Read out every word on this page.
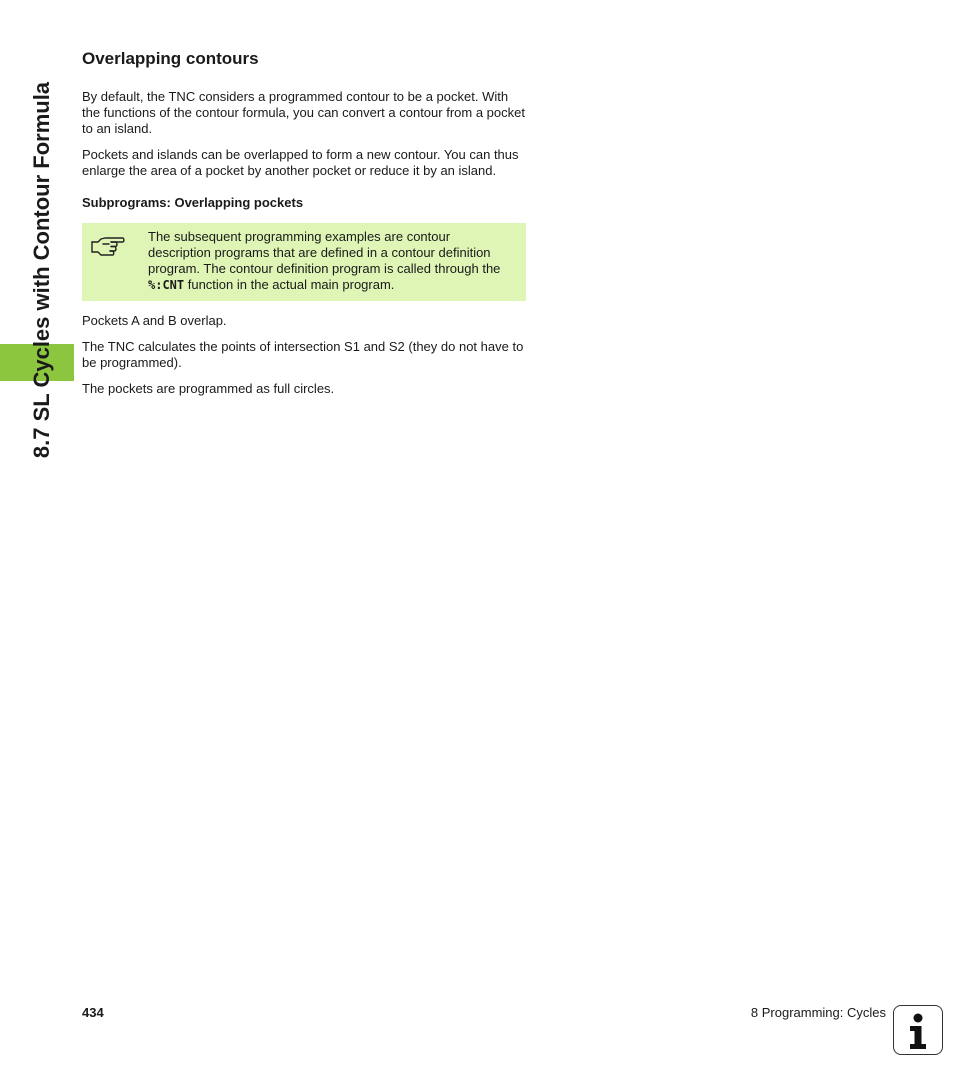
8.7 SL Cycles with Contour Formula
Overlapping contours

By default, the TNC considers a programmed contour to be a pocket. With the functions of the contour formula, you can convert a contour from a pocket to an island.

Pockets and islands can be overlapped to form a new contour. You can thus enlarge the area of a pocket by another pocket or reduce it by an island.

Subprograms: Overlapping pockets

The subsequent programming examples are contour description programs that are defined in a contour definition program. The contour definition program is called through the %:CNT function in the actual main program.

Pockets A and B overlap.

The TNC calculates the points of intersection S1 and S2 (they do not have to be programmed).

The pockets are programmed as full circles.

434	8 Programming: Cycles
